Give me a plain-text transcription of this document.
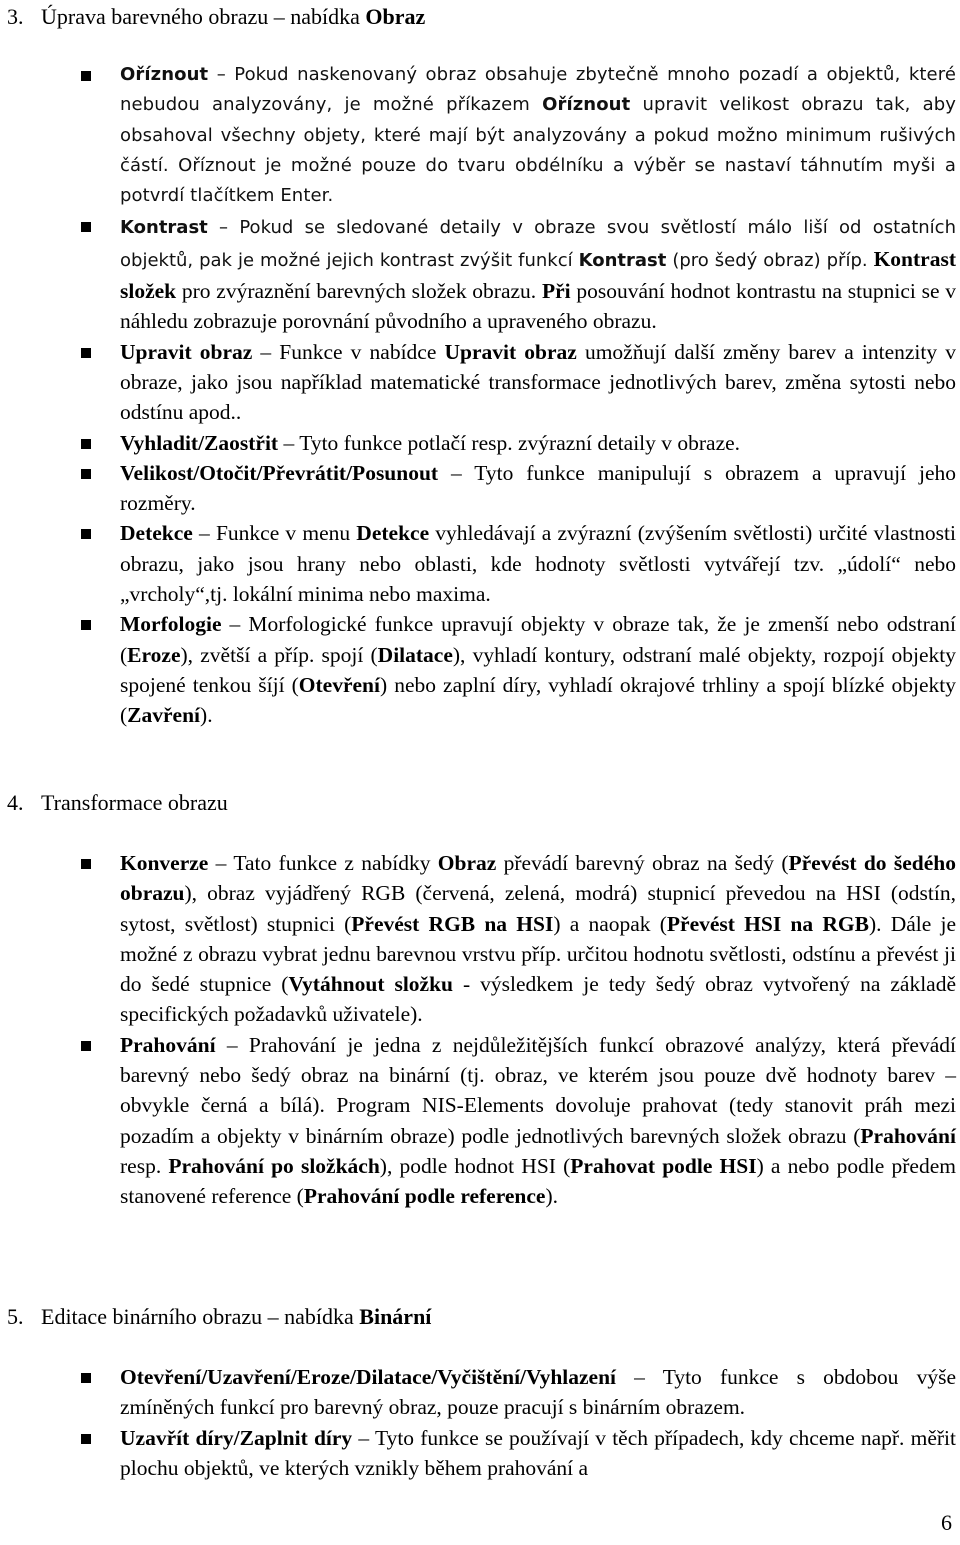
3. Úprava barevného obrazu – nabídka Obraz

Oříznout – Pokud naskenovaný obraz obsahuje zbytečně mnoho pozadí a objektů, které nebudou analyzovány, je možné příkazem Oříznout upravit velikost obrazu tak, aby obsahoval všechny objety, které mají být analyzovány a pokud možno minimum rušivých částí. Oříznout je možné pouze do tvaru obdélníku a výběr se nastaví táhnutím myši a potvrdí tlačítkem Enter.

Kontrast – Pokud se sledované detaily v obraze svou světlostí málo liší od ostatních objektů, pak je možné jejich kontrast zvýšit funkcí Kontrast (pro šedý obraz) příp. Kontrast složek pro zvýraznění barevných složek obrazu. Při posouvání hodnot kontrastu na stupnici se v náhledu zobrazuje porovnání původního a upraveného obrazu.

Upravit obraz – Funkce v nabídce Upravit obraz umožňují další změny barev a intenzity v obraze, jako jsou například matematické transformace jednotlivých barev, změna sytosti nebo odstínu apod..

Vyhladit/Zaostřit – Tyto funkce potlačí resp. zvýrazní detaily v obraze.

Velikost/Otočit/Převrátit/Posunout – Tyto funkce manipulují s obrazem a upravují jeho rozměry.

Detekce – Funkce v menu Detekce vyhledávají a zvýrazní (zvýšením světlosti) určité vlastnosti obrazu, jako jsou hrany nebo oblasti, kde hodnoty světlosti vytvářejí tzv. „údolí“ nebo „vrcholy“,tj. lokální minima nebo maxima.

Morfologie – Morfologické funkce upravují objekty v obraze tak, že je zmenší nebo odstraní (Eroze), zvětší a příp. spojí (Dilatace), vyhladí kontury, odstraní malé objekty, rozpojí objekty spojené tenkou šíjí (Otevření) nebo zaplní díry, vyhladí okrajové trhliny a spojí blízké objekty (Zavření).

4. Transformace obrazu

Konverze – Tato funkce z nabídky Obraz převádí barevný obraz na šedý (Převést do šedého obrazu), obraz vyjádřený RGB (červená, zelená, modrá) stupnicí převedou na HSI (odstín, sytost, světlost) stupnici (Převést RGB na HSI) a naopak (Převést HSI na RGB). Dále je možné z obrazu vybrat jednu barevnou vrstvu příp. určitou hodnotu světlosti, odstínu a převést ji do šedé stupnice (Vytáhnout složku - výsledkem je tedy šedý obraz vytvořený na základě specifických požadavků uživatele).

Prahování – Prahování je jedna z nejdůležitějších funkcí obrazové analýzy, která převádí barevný nebo šedý obraz na binární (tj. obraz, ve kterém jsou pouze dvě hodnoty barev – obvykle černá a bílá). Program NIS-Elements dovoluje prahovat (tedy stanovit práh mezi pozadím a objekty v binárním obraze) podle jednotlivých barevných složek obrazu (Prahování resp. Prahování po složkách), podle hodnot HSI (Prahovat podle HSI) a nebo podle předem stanovené reference (Prahování podle reference).

5. Editace binárního obrazu – nabídka Binární

Otevření/Uzavření/Eroze/Dilatace/Vyčištění/Vyhlazení – Tyto funkce s obdobou výše zmíněných funkcí pro barevný obraz, pouze pracují s binárním obrazem.

Uzavřít díry/Zaplnit díry – Tyto funkce se používají v těch případech, kdy chceme např. měřit plochu objektů, ve kterých vznikly během prahování a

6
